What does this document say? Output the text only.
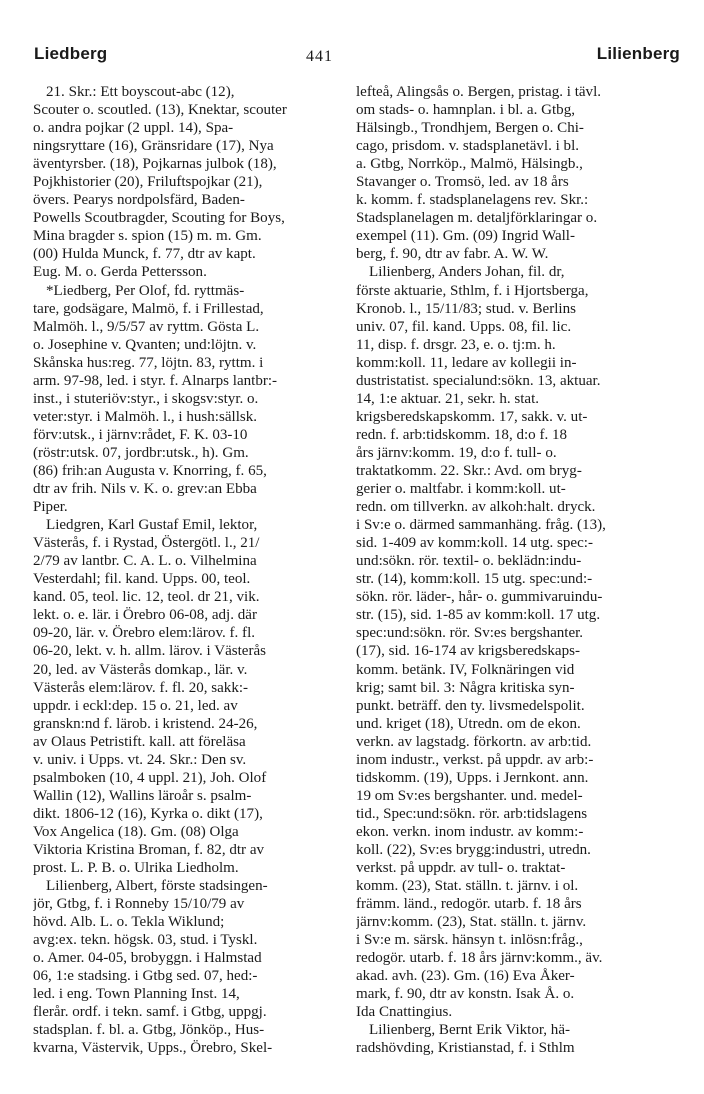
Liedberg	441	Lilienberg
21. Skr.: Ett boyscout-abc (12),
Scouter o. scoutled. (13), Knektar, scouter
o. andra pojkar (2 uppl. 14), Spa-
ningsryttare (16), Gränsridare (17), Nya
äventyrsber. (18), Pojkarnas julbok (18),
Pojkhistorier (20), Friluftspojkar (21),
övers. Pearys nordpolsfärd, Baden-
Powells Scoutbragder, Scouting for Boys,
Mina bragder s. spion (15) m. m. Gm.
(00) Hulda Munck, f. 77, dtr av kapt.
Eug. M. o. Gerda Pettersson.
*Liedberg, Per Olof, fd. ryttmäs-
tare, godsägare, Malmö, f. i Frillestad,
Malmöh. l., 9/5/57 av ryttm. Gösta L.
o. Josephine v. Qvanten; und:löjtn. v.
Skånska hus:reg. 77, löjtn. 83, ryttm. i
arm. 97-98, led. i styr. f. Alnarps lantbr:-
inst., i stuteriöv:styr., i skogsv:styr. o.
veter:styr. i Malmöh. l., i hush:sällsk.
förv:utsk., i järnv:rådet, F. K. 03-10
(röstr:utsk. 07, jordbr:utsk., h). Gm.
(86) frih:an Augusta v. Knorring, f. 65,
dtr av frih. Nils v. K. o. grev:an Ebba
Piper.
Liedgren, Karl Gustaf Emil, lektor,
Västerås, f. i Rystad, Östergötl. l., 21/
2/79 av lantbr. C. A. L. o. Vilhelmina
Vesterdahl; fil. kand. Upps. 00, teol.
kand. 05, teol. lic. 12, teol. dr 21, vik.
lekt. o. e. lär. i Örebro 06-08, adj. där
09-20, lär. v. Örebro elem:lärov. f. fl.
06-20, lekt. v. h. allm. lärov. i Västerås
20, led. av Västerås domkap., lär. v.
Västerås elem:lärov. f. fl. 20, sakk:-
uppdr. i eckl:dep. 15 o. 21, led. av
granskn:nd f. lärob. i kristend. 24-26,
av Olaus Petristift. kall. att föreläsa
v. univ. i Upps. vt. 24. Skr.: Den sv.
psalmboken (10, 4 uppl. 21), Joh. Olof
Wallin (12), Wallins läroår s. psalm-
dikt. 1806-12 (16), Kyrka o. dikt (17),
Vox Angelica (18). Gm. (08) Olga
Viktoria Kristina Broman, f. 82, dtr av
prost. L. P. B. o. Ulrika Liedholm.
Lilienberg, Albert, förste stadsingen-
jör, Gtbg, f. i Ronneby 15/10/79 av
hövd. Alb. L. o. Tekla Wiklund;
avg:ex. tekn. högsk. 03, stud. i Tyskl.
o. Amer. 04-05, brobyggn. i Halmstad
06, 1:e stadsing. i Gtbg sed. 07, hed:-
led. i eng. Town Planning Inst. 14,
flerår. ordf. i tekn. samf. i Gtbg, uppgj.
stadsplan. f. bl. a. Gtbg, Jönköp., Hus-
kvarna, Västervik, Upps., Örebro, Skel-
lefteå, Alingsås o. Bergen, pristag. i tävl.
om stads- o. hamnplan. i bl. a. Gtbg,
Hälsingb., Trondhjem, Bergen o. Chi-
cago, prisdom. v. stadsplanetävl. i bl.
a. Gtbg, Norrköp., Malmö, Hälsingb.,
Stavanger o. Tromsö, led. av 18 års
k. komm. f. stadsplanelagens rev. Skr.:
Stadsplanelagen m. detaljförklaringar o.
exempel (11). Gm. (09) Ingrid Wall-
berg, f. 90, dtr av fabr. A. W. W.
Lilienberg, Anders Johan, fil. dr,
förste aktuarie, Sthlm, f. i Hjortsberga,
Kronob. l., 15/11/83; stud. v. Berlins
univ. 07, fil. kand. Upps. 08, fil. lic.
11, disp. f. drsgr. 23, e. o. tj:m. h.
komm:koll. 11, ledare av kollegii in-
dustristatist. specialund:sökn. 13, aktuar.
14, 1:e aktuar. 21, sekr. h. stat.
krigsberedskapskomm. 17, sakk. v. ut-
redn. f. arb:tidskomm. 18, d:o f. 18
års järnv:komm. 19, d:o f. tull- o.
traktatkomm. 22. Skr.: Avd. om bryg-
gerier o. maltfabr. i komm:koll. ut-
redn. om tillverkn. av alkoh:halt. dryck.
i Sv:e o. därmed sammanhäng. fråg. (13),
sid. 1-409 av komm:koll. 14 utg. spec:-
und:sökn. rör. textil- o. beklädn:indu-
str. (14), komm:koll. 15 utg. spec:und:-
sökn. rör. läder-, hår- o. gummivaruindu-
str. (15), sid. 1-85 av komm:koll. 17 utg.
spec:und:sökn. rör. Sv:es bergshanter.
(17), sid. 16-174 av krigsberedskaps-
komm. betänk. IV, Folknäringen vid
krig; samt bil. 3: Några kritiska syn-
punkt. beträff. den ty. livsmedelspolit.
und. kriget (18), Utredn. om de ekon.
verkn. av lagstadg. förkortn. av arb:tid.
inom industr., verkst. på uppdr. av arb:-
tidskomm. (19), Upps. i Jernkont. ann.
19 om Sv:es bergshanter. und. medel-
tid., Spec:und:sökn. rör. arb:tidslagens
ekon. verkn. inom industr. av komm:-
koll. (22), Sv:es brygg:industri, utredn.
verkst. på uppdr. av tull- o. traktat-
komm. (23), Stat. ställn. t. järnv. i ol.
främm. länd., redogör. utarb. f. 18 års
järnv:komm. (23), Stat. ställn. t. järnv.
i Sv:e m. särsk. hänsyn t. inlösn:fråg.,
redogör. utarb. f. 18 års järnv:komm., äv.
akad. avh. (23). Gm. (16) Eva Åker-
mark, f. 90, dtr av konstn. Isak Å. o.
Ida Cnattingius.
Lilienberg, Bernt Erik Viktor, hä-
radshövding, Kristianstad, f. i Sthlm
